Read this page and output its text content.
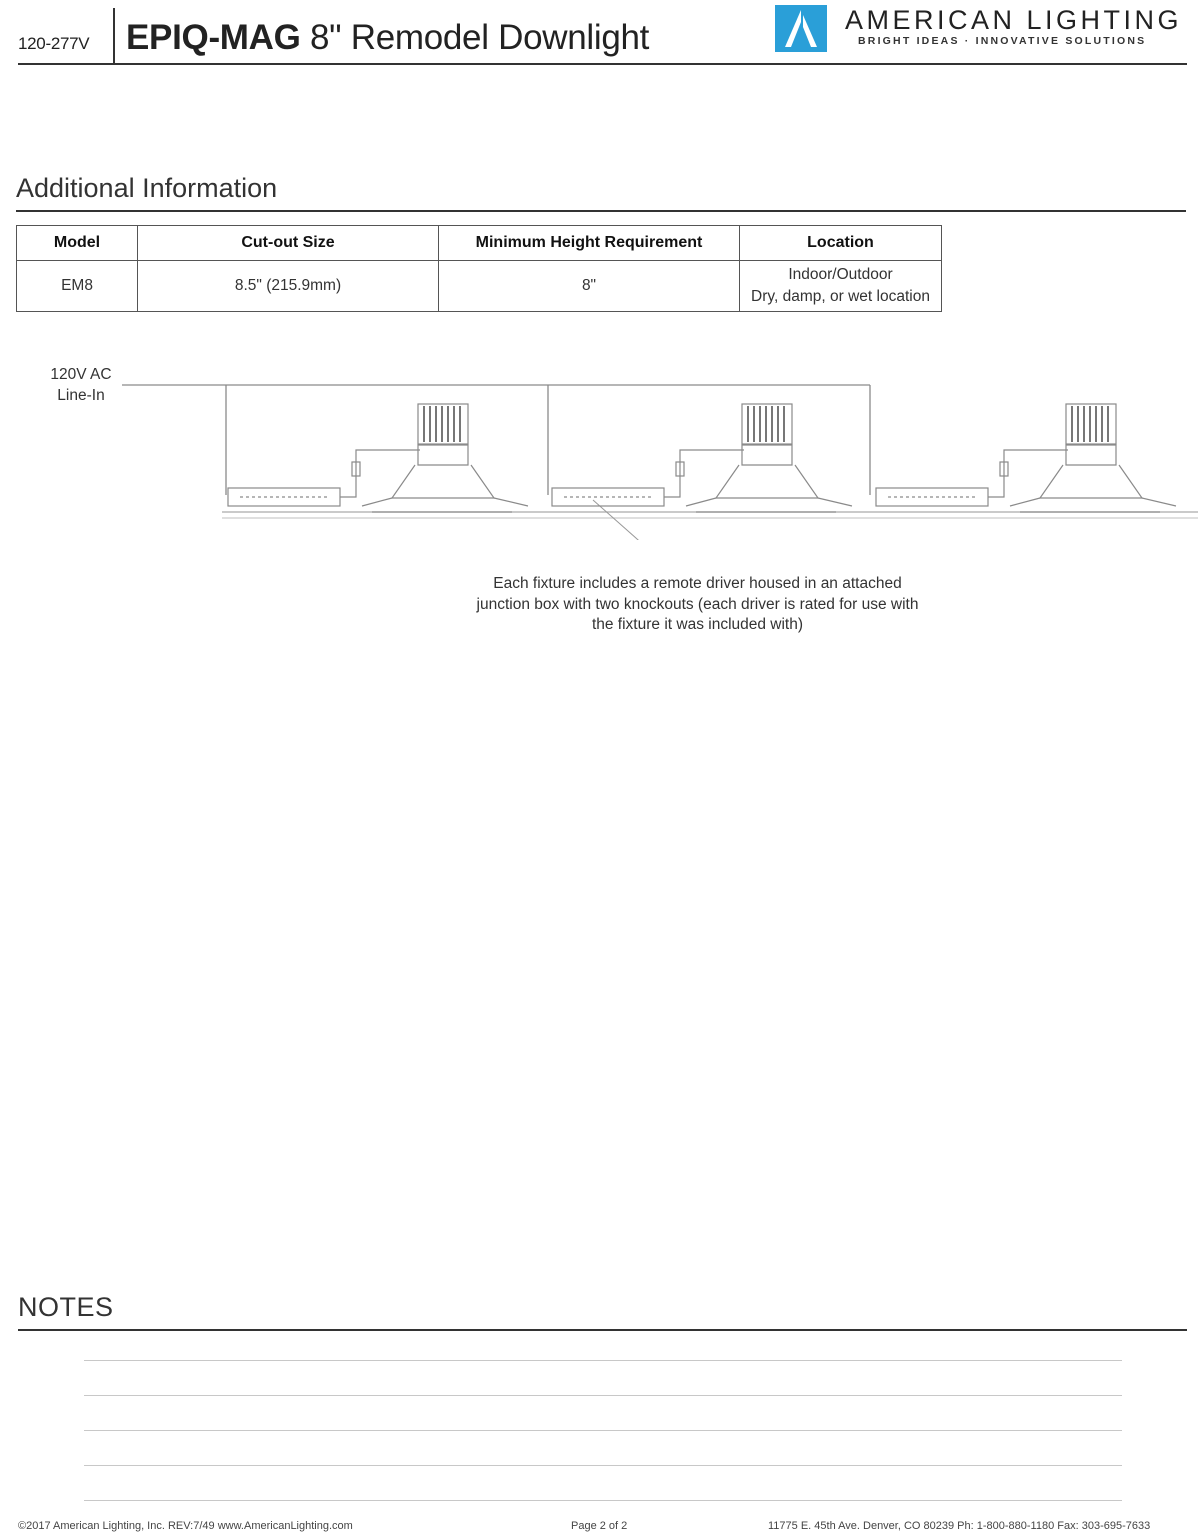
120-277V EPIQ-MAG 8" Remodel Downlight	AMERICAN LIGHTING
BRIGHT IDEAS · INNOVATIVE SOLUTIONS
Additional Information
Model	Cut-out Size	Minimum Height Requirement	Location
EM8	8.5" (215.9mm)	8"	Indoor/Outdoor
Dry, damp, or wet location
120V AC
Line-In
Each fixture includes a remote driver housed in an attached
junction box with two knockouts (each driver is rated for use with
the fixture it was included with)
NOTES
©2017 American Lighting, Inc. REV:7/49 www.AmericanLighting.com	Page 2 of 2	11775 E. 45th Ave. Denver, CO 80239 Ph: 1-800-880-1180 Fax: 303-695-7633
